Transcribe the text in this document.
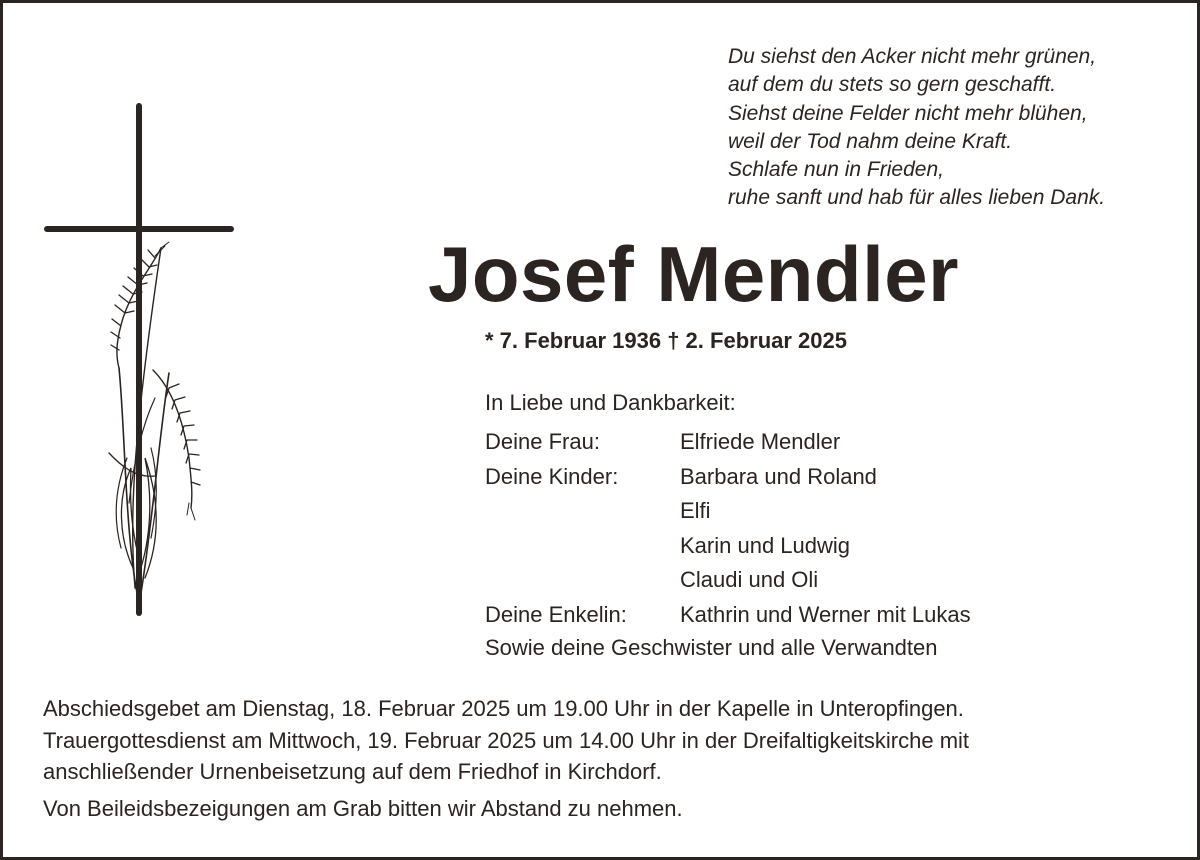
Du siehst den Acker nicht mehr grünen,
auf dem du stets so gern geschafft.
Siehst deine Felder nicht mehr blühen,
weil der Tod nahm deine Kraft.
Schlafe nun in Frieden,
ruhe sanft und hab für alles lieben Dank.
Josef Mendler
* 7. Februar 1936 † 2. Februar 2025
In Liebe und Dankbarkeit:
Deine Frau:	Elfriede Mendler
Deine Kinder:	Barbara und Roland
Elfi
Karin und Ludwig
Claudi und Oli
Deine Enkelin: Kathrin und Werner mit Lukas
Sowie deine Geschwister und alle Verwandten
Abschiedsgebet am Dienstag, 18. Februar 2025 um 19.00 Uhr in der Kapelle in Unteropfingen.
Trauergottesdienst am Mittwoch, 19. Februar 2025 um 14.00 Uhr in der Dreifaltigkeitskirche mit
anschließender Urnenbeisetzung auf dem Friedhof in Kirchdorf.
Von Beileidsbezeigungen am Grab bitten wir Abstand zu nehmen.
